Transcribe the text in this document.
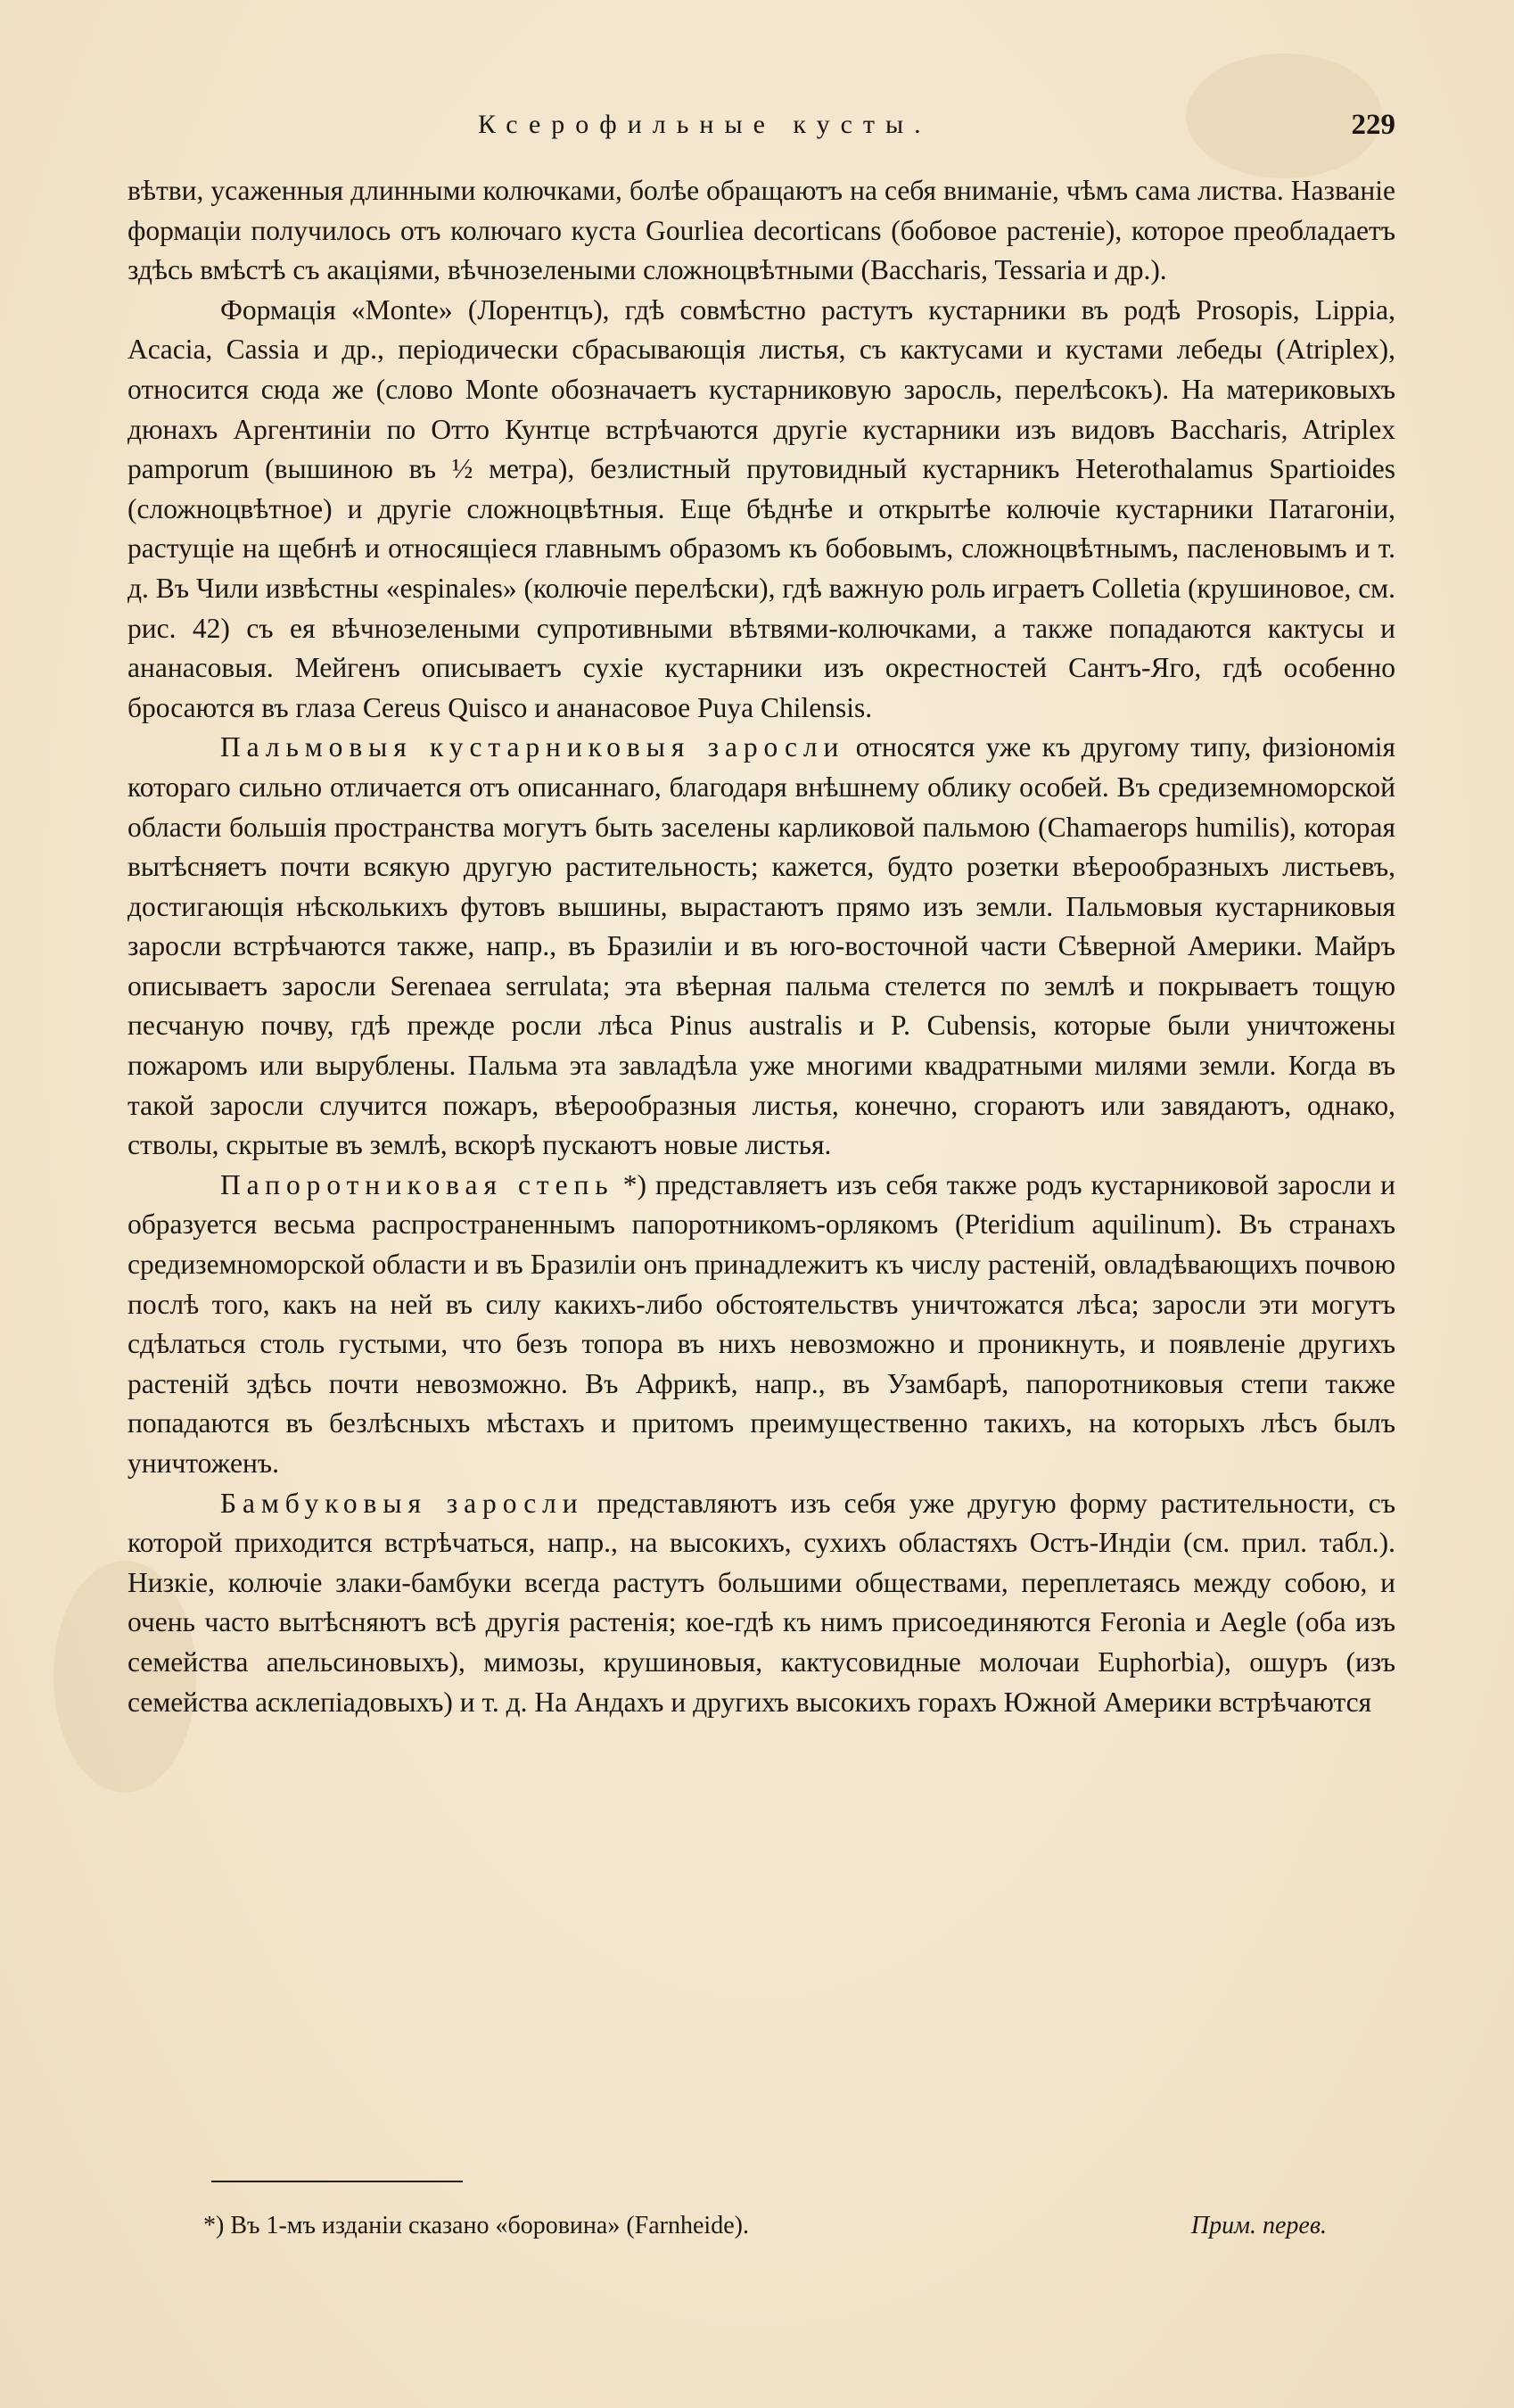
Ксерофильные кусты.	229

вѣтви, усаженныя длинными колючками, болѣе обращаютъ на себя вниманіе, чѣмъ сама листва. Названіе формаціи получилось отъ колючаго куста Gourliea decorticans (бобовое растеніе), которое преобладаетъ здѣсь вмѣстѣ съ акаціями, вѣчнозелеными сложноцвѣтными (Baccharis, Tessaria и др.).

Формація «Monte» (Лорентцъ), гдѣ совмѣстно растутъ кустарники въ родѣ Prosopis, Lippia, Acacia, Cassia и др., періодически сбрасывающія листья, съ кактусами и кустами лебеды (Atriplex), относится сюда же (слово Monte обозначаетъ кустарниковую заросль, перелѣсокъ). На материковыхъ дюнахъ Аргентиніи по Отто Кунтце встрѣчаются другіе кустарники изъ видовъ Baccharis, Atriplex pamporum (вышиною въ ½ метра), безлистный прутовидный кустарникъ Heterothalamus Spartioides (сложноцвѣтное) и другіе сложноцвѣтныя. Еще бѣднѣе и открытѣе колючіе кустарники Патагоніи, растущіе на щебнѣ и относящіеся главнымъ образомъ къ бобовымъ, сложноцвѣтнымъ, пасленовымъ и т. д. Въ Чили извѣстны «espinales» (колючіе перелѣски), гдѣ важную роль играетъ Colletia (крушиновое, см. рис. 42) съ ея вѣчнозелеными супротивными вѣтвями-колючками, а также попадаются кактусы и ананасовыя. Мейгенъ описываетъ сухіе кустарники изъ окрестностей Сантъ-Яго, гдѣ особенно бросаются въ глаза Cereus Quisco и ананасовое Puya Chilensis.

Пальмовыя кустарниковыя заросли относятся уже къ другому типу, физіономія котораго сильно отличается отъ описаннаго, благодаря внѣшнему облику особей. Въ средиземноморской области большія пространства могутъ быть заселены карликовой пальмою (Chamaerops humilis), которая вытѣсняетъ почти всякую другую растительность; кажется, будто розетки вѣерообразныхъ листьевъ, достигающія нѣсколькихъ футовъ вышины, вырастаютъ прямо изъ земли. Пальмовыя кустарниковыя заросли встрѣчаются также, напр., въ Бразиліи и въ юго-восточной части Сѣверной Америки. Майръ описываетъ заросли Serenaea serrulata; эта вѣерная пальма стелется по землѣ и покрываетъ тощую песчаную почву, гдѣ прежде росли лѣса Pinus australis и P. Cubensis, которые были уничтожены пожаромъ или вырублены. Пальма эта завладѣла уже многими квадратными милями земли. Когда въ такой заросли случится пожаръ, вѣерообразныя листья, конечно, сгораютъ или завядаютъ, однако, стволы, скрытые въ землѣ, вскорѣ пускаютъ новые листья.

Папоротниковая степь *) представляетъ изъ себя также родъ кустарниковой заросли и образуется весьма распространеннымъ папоротникомъ-орлякомъ (Pteridium aquilinum). Въ странахъ средиземноморской области и въ Бразиліи онъ принадлежитъ къ числу растеній, овладѣвающихъ почвою послѣ того, какъ на ней въ силу какихъ-либо обстоятельствъ уничтожатся лѣса; заросли эти могутъ сдѣлаться столь густыми, что безъ топора въ нихъ невозможно и проникнуть, и появленіе другихъ растеній здѣсь почти невозможно. Въ Африкѣ, напр., въ Узамбарѣ, папоротниковыя степи также попадаются въ безлѣсныхъ мѣстахъ и притомъ преимущественно такихъ, на которыхъ лѣсъ былъ уничтоженъ.

Бамбуковыя заросли представляютъ изъ себя уже другую форму растительности, съ которой приходится встрѣчаться, напр., на высокихъ, сухихъ областяхъ Остъ-Индіи (см. прил. табл.). Низкіе, колючіе злаки-бамбуки всегда растутъ большими обществами, переплетаясь между собою, и очень часто вытѣсняютъ всѣ другія растенія; кое-гдѣ къ нимъ присоединяются Feronia и Aegle (оба изъ семейства апельсиновыхъ), мимозы, крушиновыя, кактусовидные молочаи Euphorbia), ошуръ (изъ семейства асклепіадовыхъ) и т. д. На Андахъ и другихъ высокихъ горахъ Южной Америки встрѣчаются

*) Въ 1-мъ изданіи сказано «боровина» (Farnheide).	Прим. перев.
